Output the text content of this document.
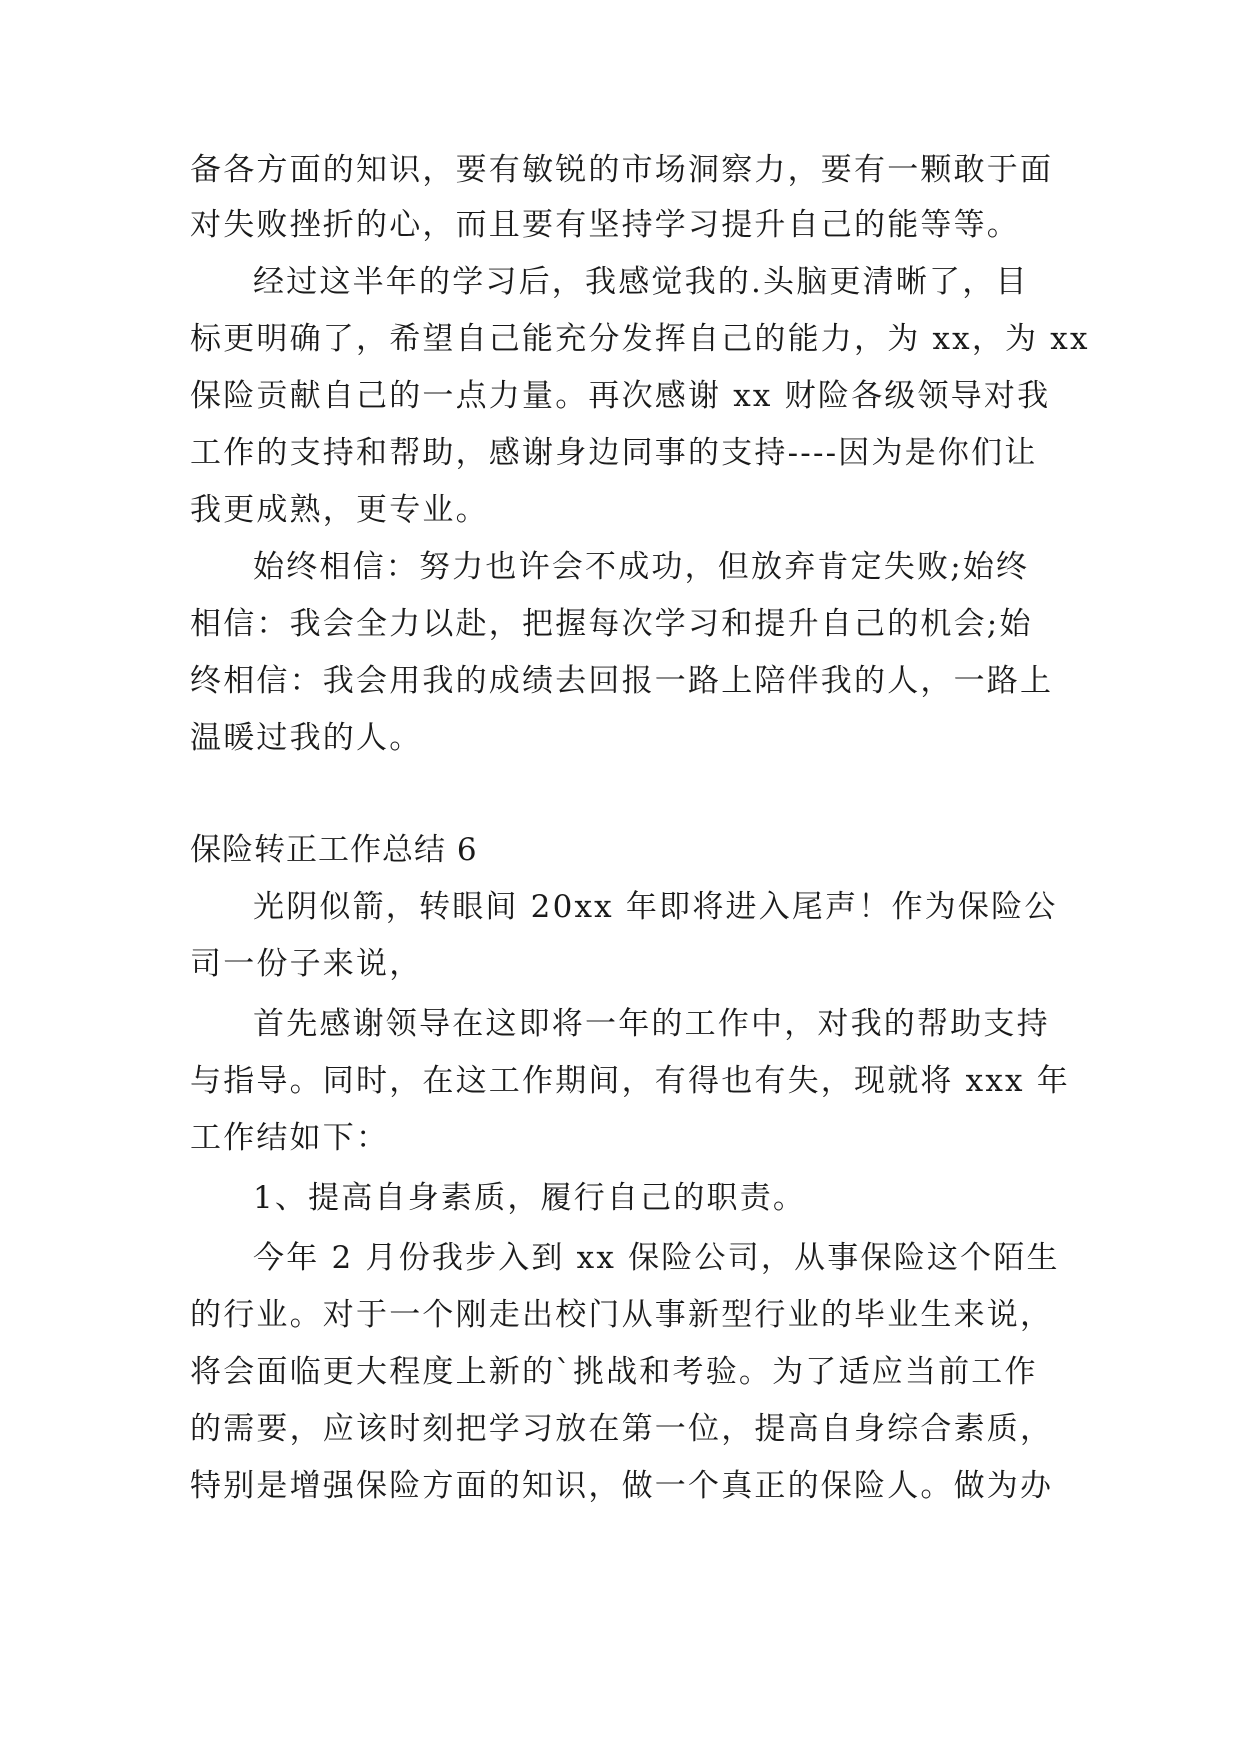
备各方面的知识，要有敏锐的市场洞察力，要有一颗敢于面
对失败挫折的心，而且要有坚持学习提升自己的能等等。
经过这半年的学习后，我感觉我的.头脑更清晰了，目
标更明确了，希望自己能充分发挥自己的能力，为 xx，为 xx
保险贡献自己的一点力量。再次感谢 xx 财险各级领导对我
工作的支持和帮助，感谢身边同事的支持----因为是你们让
我更成熟，更专业。
始终相信：努力也许会不成功，但放弃肯定失败;始终
相信：我会全力以赴，把握每次学习和提升自己的机会;始
终相信：我会用我的成绩去回报一路上陪伴我的人，一路上
温暖过我的人。
保险转正工作总结 6
光阴似箭，转眼间 20xx 年即将进入尾声！作为保险公
司一份子来说，
首先感谢领导在这即将一年的工作中，对我的帮助支持
与指导。同时，在这工作期间，有得也有失，现就将 xxx 年
工作结如下：
1、提高自身素质，履行自己的职责。
今年 2 月份我步入到 xx 保险公司，从事保险这个陌生
的行业。对于一个刚走出校门从事新型行业的毕业生来说，
将会面临更大程度上新的`挑战和考验。为了适应当前工作
的需要，应该时刻把学习放在第一位，提高自身综合素质，
特别是增强保险方面的知识，做一个真正的保险人。做为办
